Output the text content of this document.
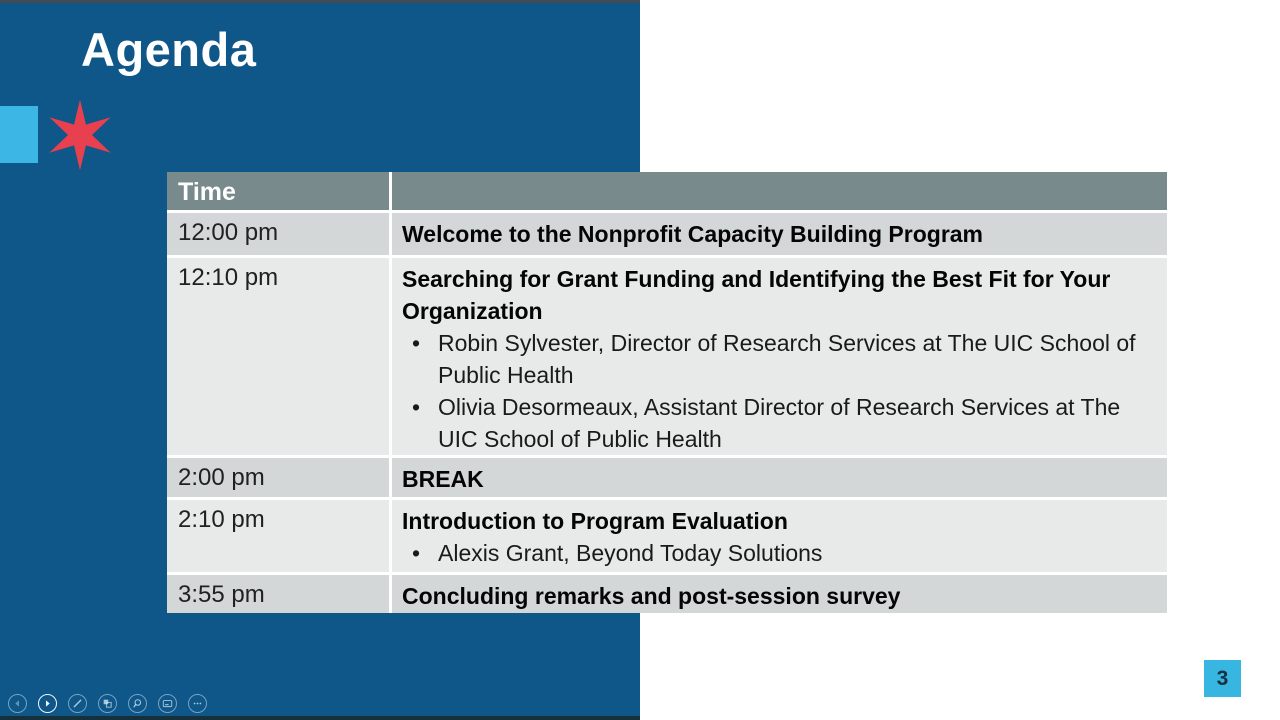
Agenda
Time
12:00 pm	Welcome to the Nonprofit Capacity Building Program
12:10 pm	Searching for Grant Funding and Identifying the Best Fit for Your Organization
• Robin Sylvester, Director of Research Services at The UIC School of Public Health
• Olivia Desormeaux, Assistant Director of Research Services at The UIC School of Public Health
2:00 pm	BREAK
2:10 pm	Introduction to Program Evaluation
• Alexis Grant, Beyond Today Solutions
3:55 pm	Concluding remarks and post-session survey
3
